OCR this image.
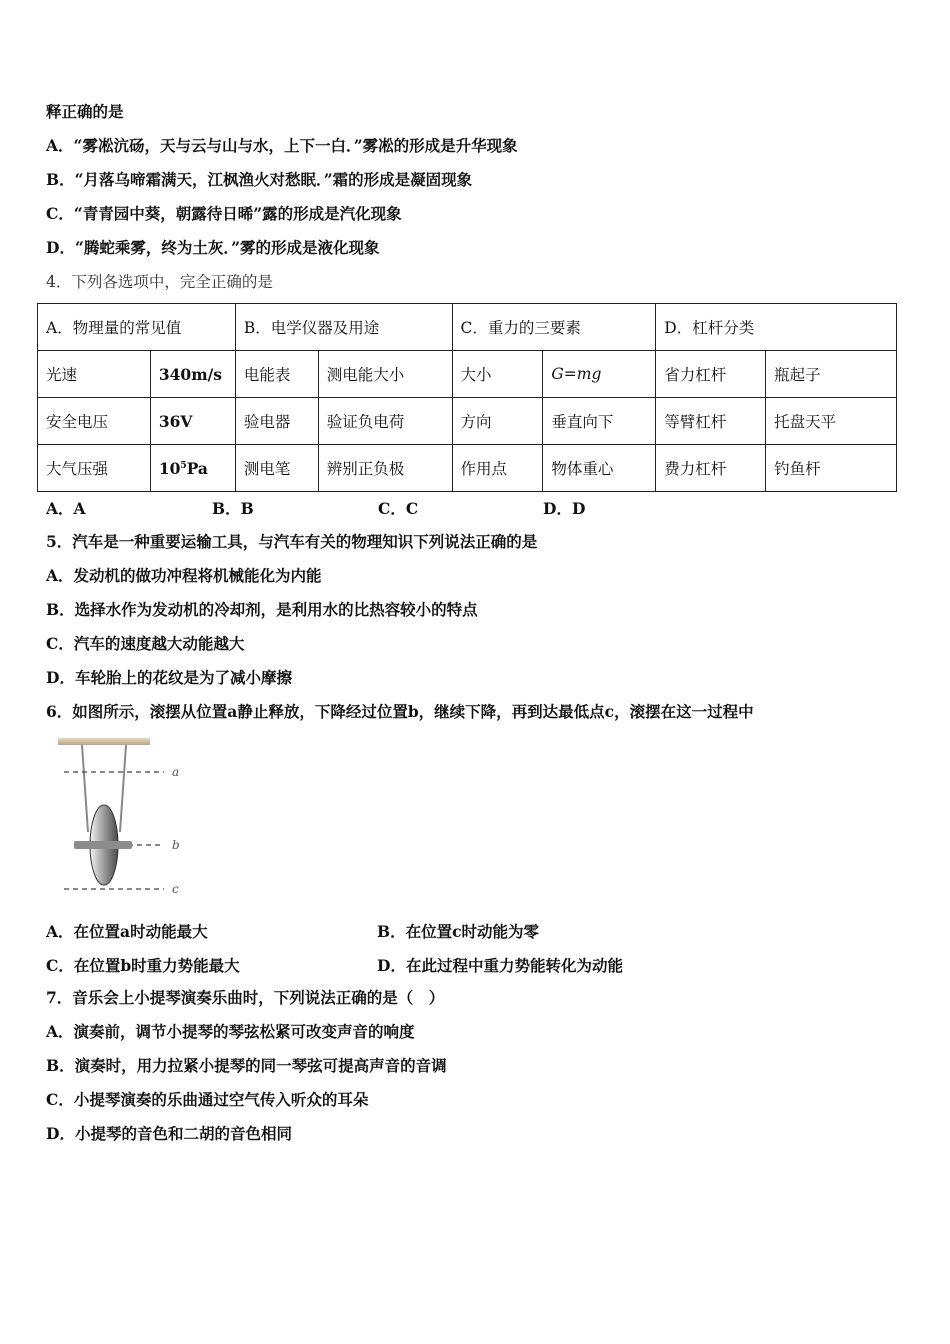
释正确的是
A．“雾凇沆砀，天与云与山与水，上下一白．”雾凇的形成是升华现象
B．“月落乌啼霜满天，江枫渔火对愁眠．”霜的形成是凝固现象
C．“青青园中葵，朝露待日晞”露的形成是汽化现象
D．“腾蛇乘雾，终为土灰．”雾的形成是液化现象
4．下列各选项中，完全正确的是
A．物理量的常见值		B．电学仪器及用途		C．重力的三要素		D．杠杆分类	
光速	340m/s	电能表	测电能大小	大小	G=mg	省力杠杆	瓶起子
安全电压	36V	验电器	验证负电荷	方向	垂直向下	等臂杠杆	托盘天平
大气压强	$10^5Pa$	测电笔	辨别正负极	作用点	物体重心	费力杠杆	钓鱼杆
A．A	B．B	C．C	D．D
5．汽车是一种重要运输工具，与汽车有关的物理知识下列说法正确的是
A．发动机的做功冲程将机械能化为内能
B．选择水作为发动机的冷却剂，是利用水的比热容较小的特点
C．汽车的速度越大动能越大
D．车轮胎上的花纹是为了减小摩擦
6．如图所示，滚摆从位置a静止释放，下降经过位置b，继续下降，再到达最低点c，滚摆在这一过程中
a
b
c
A．在位置a时动能最大	B．在位置c时动能为零
C．在位置b时重力势能最大	D．在此过程中重力势能转化为动能
7．音乐会上小提琴演奏乐曲时，下列说法正确的是（　）
A．演奏前，调节小提琴的琴弦松紧可改变声音的响度
B．演奏时，用力拉紧小提琴的同一琴弦可提高声音的音调
C．小提琴演奏的乐曲通过空气传入听众的耳朵
D．小提琴的音色和二胡的音色相同
